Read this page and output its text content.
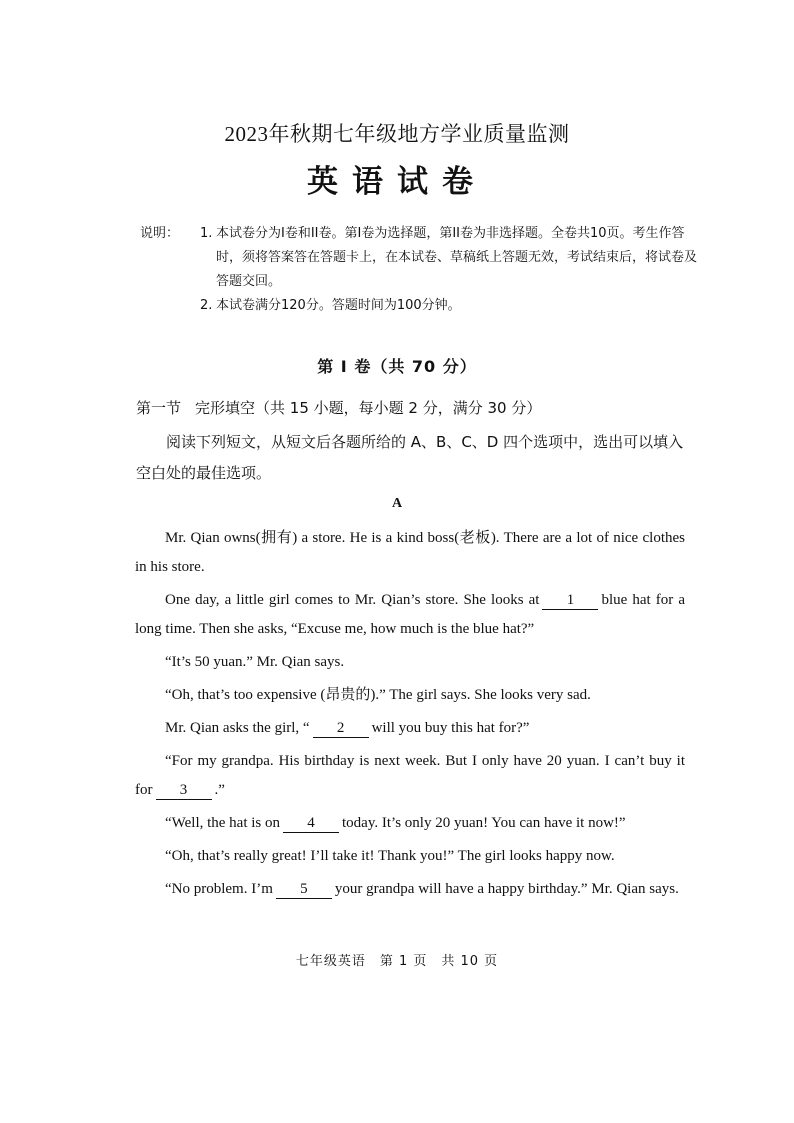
2023年秋期七年级地方学业质量监测
英语试卷
说明：	1. 本试卷分为I卷和II卷。第I卷为选择题，第II卷为非选择题。全卷共10页。考生作答时，须将答案答在答题卡上，在本试卷、草稿纸上答题无效，考试结束后，将试卷及答题交回。
2. 本试卷满分120分。答题时间为100分钟。
第 I 卷（共 70 分）
第一节 完形填空（共 15 小题，每小题 2 分，满分 30 分）
阅读下列短文，从短文后各题所给的 A、B、C、D 四个选项中，选出可以填入空白处的最佳选项。
A

Mr. Qian owns(拥有) a store. He is a kind boss(老板). There are a lot of nice clothes in his store.

One day, a little girl comes to Mr. Qian’s store. She looks at 1 blue hat for a long time. Then she asks, “Excuse me, how much is the blue hat?”

“It’s 50 yuan.” Mr. Qian says.

“Oh, that’s too expensive (昂贵的).” The girl says. She looks very sad.

Mr. Qian asks the girl, “ 2 will you buy this hat for?”

“For my grandpa. His birthday is next week. But I only have 20 yuan. I can’t buy it for 3 .”

“Well, the hat is on 4 today. It’s only 20 yuan! You can have it now!”

“Oh, that’s really great! I’ll take it! Thank you!” The girl looks happy now.

“No problem. I’m 5 your grandpa will have a happy birthday.” Mr. Qian says.

七年级英语　第 1 页　共 10 页
